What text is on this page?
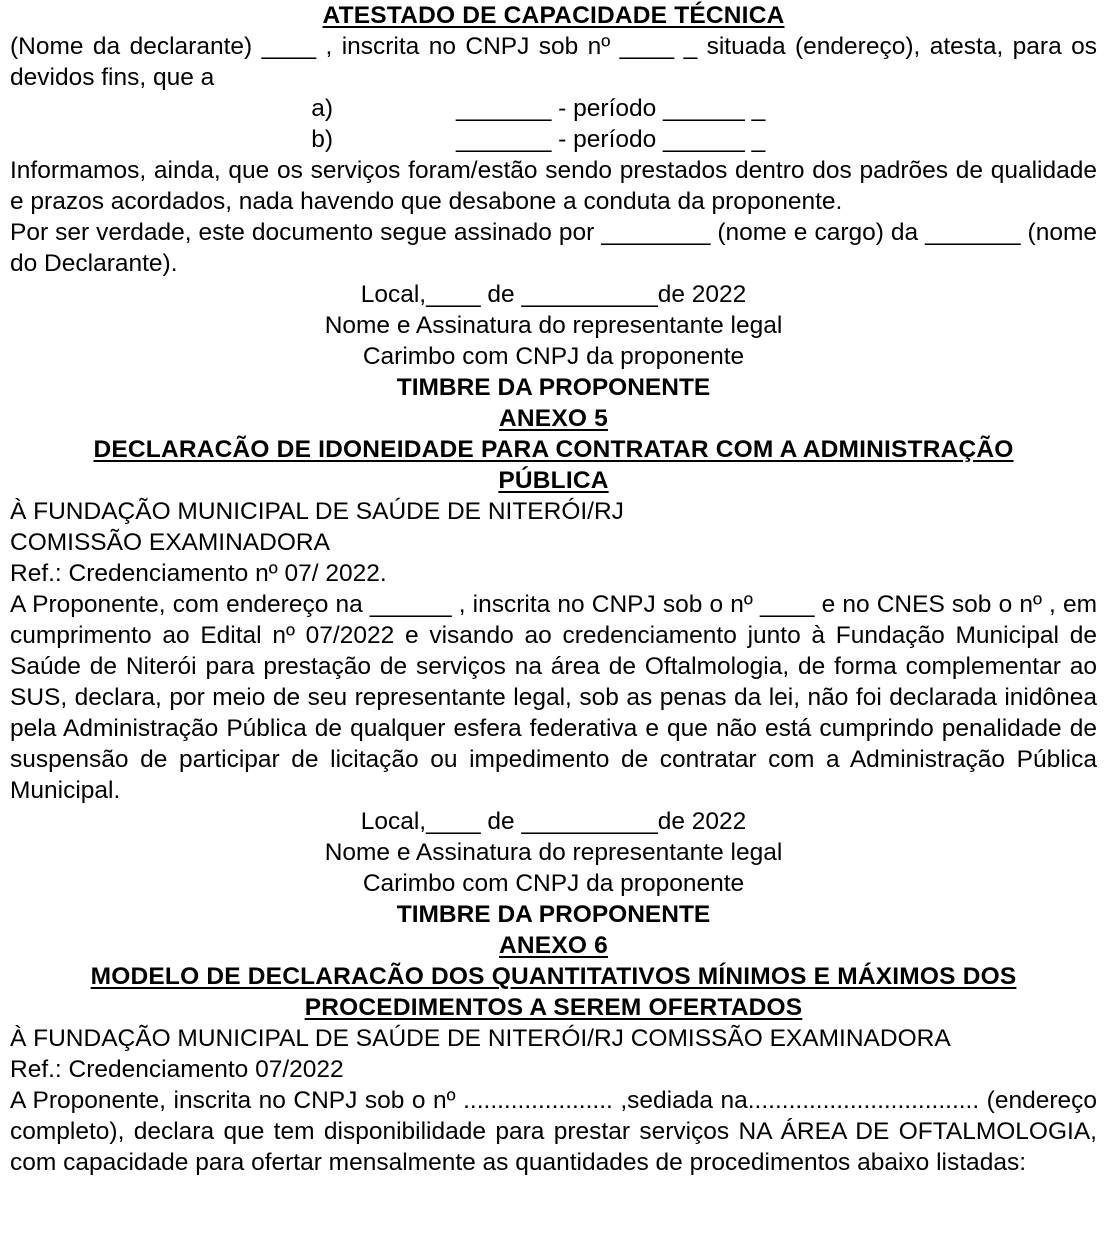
ATESTADO DE CAPACIDADE TÉCNICA

(Nome da declarante) ____ , inscrita no CNPJ sob nº ____ _ situada (endereço), atesta, para os devidos fins, que a

a)	_______ - período ______ _
b)	_______ - período ______ _

Informamos, ainda, que os serviços foram/estão sendo prestados dentro dos padrões de qualidade e prazos acordados, nada havendo que desabone a conduta da proponente.

Por ser verdade, este documento segue assinado por ________ (nome e cargo) da _______ (nome do Declarante).

Local,____ de __________de 2022

Nome e Assinatura do representante legal

Carimbo com CNPJ da proponente

TIMBRE DA PROPONENTE

ANEXO 5

DECLARACÃO DE IDONEIDADE PARA CONTRATAR COM A ADMINISTRAÇÃO

PÚBLICA

À FUNDAÇÃO MUNICIPAL DE SAÚDE DE NITERÓI/RJ

COMISSÃO EXAMINADORA

Ref.: Credenciamento nº 07/ 2022.

A Proponente, com endereço na ______ , inscrita no CNPJ sob o nº ____ e no CNES sob o nº , em cumprimento ao Edital nº 07/2022 e visando ao credenciamento junto à Fundação Municipal de Saúde de Niterói para prestação de serviços na área de Oftalmologia, de forma complementar ao SUS, declara, por meio de seu representante legal, sob as penas da lei, não foi declarada inidônea pela Administração Pública de qualquer esfera federativa e que não está cumprindo penalidade de suspensão de participar de licitação ou impedimento de contratar com a Administração Pública Municipal.

Local,____ de __________de 2022

Nome e Assinatura do representante legal

Carimbo com CNPJ da proponente

TIMBRE DA PROPONENTE

ANEXO 6

MODELO DE DECLARACÃO DOS QUANTITATIVOS MÍNIMOS E MÁXIMOS DOS

PROCEDIMENTOS A SEREM OFERTADOS

À FUNDAÇÃO MUNICIPAL DE SAÚDE DE NITERÓI/RJ COMISSÃO EXAMINADORA

Ref.: Credenciamento 07/2022

A Proponente, inscrita no CNPJ sob o nº ...................... ,sediada na.................................. (endereço completo), declara que tem disponibilidade para prestar serviços NA ÁREA DE OFTALMOLOGIA, com capacidade para ofertar mensalmente as quantidades de procedimentos abaixo listadas:
